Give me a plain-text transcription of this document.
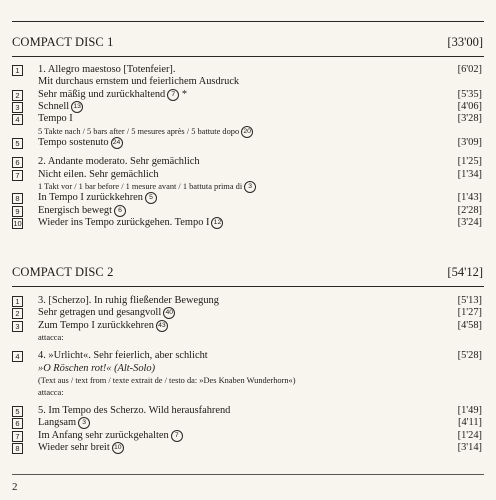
COMPACT DISC 1	[33'00]
1	1. Allegro maestoso [Totenfeier].	[6'02]
Mit durchaus ernstem und feierlichem Ausdruck
2	Sehr mäßig und zurückhaltend 7 *	[5'35]
3	Schnell 13	[4'06]
4	Tempo I	[3'28]
5 Takte nach / 5 bars after / 5 mesures après / 5 battute dopo 20
5	Tempo sostenuto 24	[3'09]
6	2. Andante moderato. Sehr gemächlich	[1'25]
7	Nicht eilen. Sehr gemächlich	[1'34]
1 Takt vor / 1 bar before / 1 mesure avant / 1 battuta prima di 3
8	In Tempo I zurückkehren 5	[1'43]
9	Energisch bewegt 6	[2'28]
10 Wieder ins Tempo zurückgehen. Tempo I 12	[3'24]
COMPACT DISC 2	[54'12]
1	3. [Scherzo]. In ruhig fließender Bewegung	[5'13]
2	Sehr getragen und gesangvoll 40	[1'27]
3	Zum Tempo I zurückkehren 43	[4'58]
attacca:
4	4. »Urlicht«. Sehr feierlich, aber schlicht	[5'28]
»O Röschen rot!« (Alt-Solo)
(Text aus / text from / texte extrait de / testo da: »Des Knaben Wunderhorn«)
attacca:
5	5. Im Tempo des Scherzo. Wild herausfahrend	[1'49]
6	Langsam 3	[4'11]
7	Im Anfang sehr zurückgehalten 7	[1'24]
8	Wieder sehr breit 10	[3'14]
2
